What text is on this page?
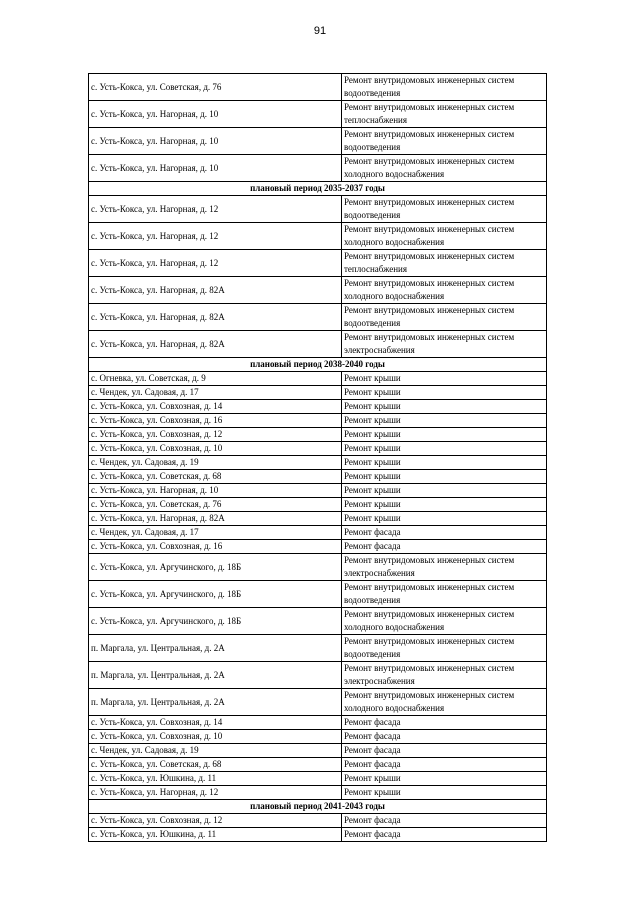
91
с. Усть-Кокса, ул. Советская, д. 76	Ремонт внутридомовых инженерных систем водоотведения
с. Усть-Кокса, ул. Нагорная, д. 10	Ремонт внутридомовых инженерных систем теплоснабжения
с. Усть-Кокса, ул. Нагорная, д. 10	Ремонт внутридомовых инженерных систем водоотведения
с. Усть-Кокса, ул. Нагорная, д. 10	Ремонт внутридомовых инженерных систем холодного водоснабжения
плановый период 2035-2037 годы	
с. Усть-Кокса, ул. Нагорная, д. 12	Ремонт внутридомовых инженерных систем водоотведения
с. Усть-Кокса, ул. Нагорная, д. 12	Ремонт внутридомовых инженерных систем холодного водоснабжения
с. Усть-Кокса, ул. Нагорная, д. 12	Ремонт внутридомовых инженерных систем теплоснабжения
с. Усть-Кокса, ул. Нагорная, д. 82А	Ремонт внутридомовых инженерных систем холодного водоснабжения
с. Усть-Кокса, ул. Нагорная, д. 82А	Ремонт внутридомовых инженерных систем водоотведения
с. Усть-Кокса, ул. Нагорная, д. 82А	Ремонт внутридомовых инженерных систем электроснабжения
плановый период 2038-2040 годы	
с. Огневка, ул. Советская, д. 9	Ремонт крыши
с. Чендек, ул. Садовая, д. 17	Ремонт крыши
с. Усть-Кокса, ул. Совхозная, д. 14	Ремонт крыши
с. Усть-Кокса, ул. Совхозная, д. 16	Ремонт крыши
с. Усть-Кокса, ул. Совхозная, д. 12	Ремонт крыши
с. Усть-Кокса, ул. Совхозная, д. 10	Ремонт крыши
с. Чендек, ул. Садовая, д. 19	Ремонт крыши
с. Усть-Кокса, ул. Советская, д. 68	Ремонт крыши
с. Усть-Кокса, ул. Нагорная, д. 10	Ремонт крыши
с. Усть-Кокса, ул. Советская, д. 76	Ремонт крыши
с. Усть-Кокса, ул. Нагорная, д. 82А	Ремонт крыши
с. Чендек, ул. Садовая, д. 17	Ремонт фасада
с. Усть-Кокса, ул. Совхозная, д. 16	Ремонт фасада
с. Усть-Кокса, ул. Аргучинского, д. 18Б	Ремонт внутридомовых инженерных систем электроснабжения
с. Усть-Кокса, ул. Аргучинского, д. 18Б	Ремонт внутридомовых инженерных систем водоотведения
с. Усть-Кокса, ул. Аргучинского, д. 18Б	Ремонт внутридомовых инженерных систем холодного водоснабжения
п. Маргала, ул. Центральная, д. 2А	Ремонт внутридомовых инженерных систем водоотведения
п. Маргала, ул. Центральная, д. 2А	Ремонт внутридомовых инженерных систем электроснабжения
п. Маргала, ул. Центральная, д. 2А	Ремонт внутридомовых инженерных систем холодного водоснабжения
с. Усть-Кокса, ул. Совхозная, д. 14	Ремонт фасада
с. Усть-Кокса, ул. Совхозная, д. 10	Ремонт фасада
с. Чендек, ул. Садовая, д. 19	Ремонт фасада
с. Усть-Кокса, ул. Советская, д. 68	Ремонт фасада
с. Усть-Кокса, ул. Юшкина, д. 11	Ремонт крыши
с. Усть-Кокса, ул. Нагорная, д. 12	Ремонт крыши
плановый период 2041-2043 годы	
с. Усть-Кокса, ул. Совхозная, д. 12	Ремонт фасада
с. Усть-Кокса, ул. Юшкина, д. 11	Ремонт фасада
